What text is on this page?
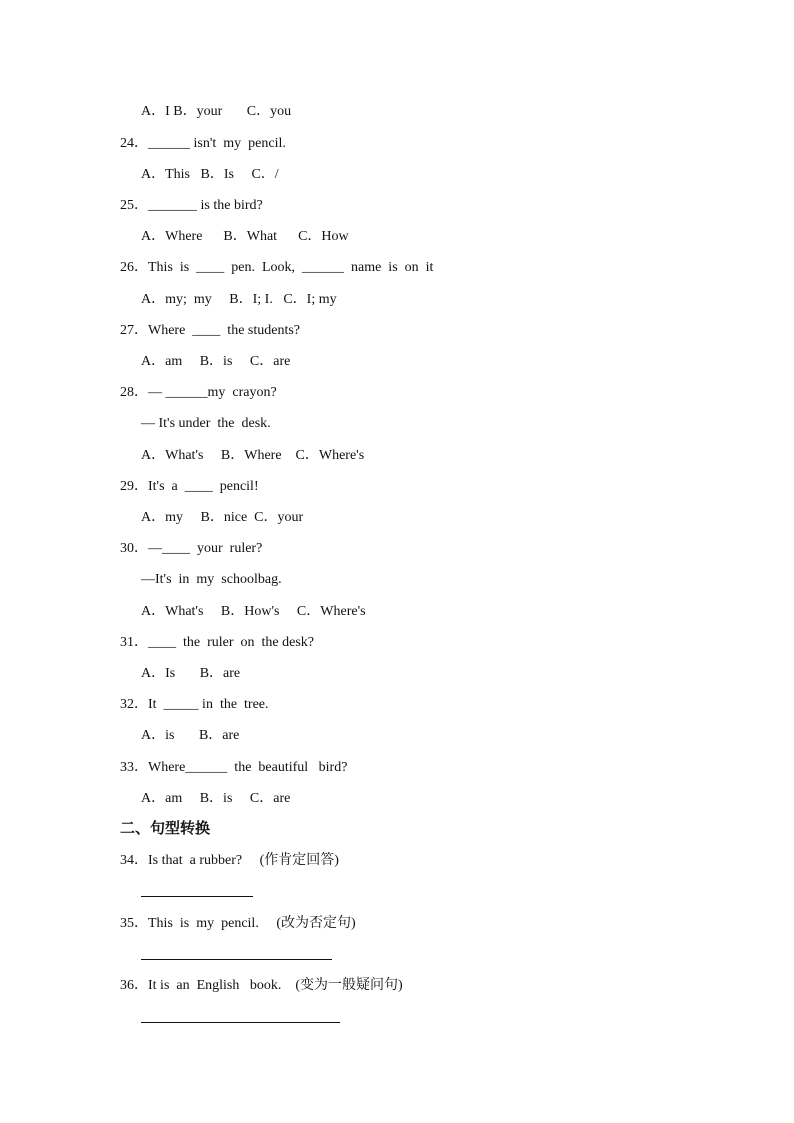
A．I B．your       C．you
24．______ isn't  my  pencil.
A．This   B．Is     C．/
25．_______ is the bird?
A．Where      B．What      C．How
26．This  is  ____  pen.  Look,  ______  name  is  on  it
A．my;  my     B．I; I.   C．I; my
27．Where  ____  the students?
A．am     B．is     C．are
28．— ______my  crayon?
— It's under  the  desk.
A．What's     B．Where    C．Where's
29．It's  a  ____  pencil!
A．my     B．nice  C．your
30．—____  your  ruler?
—It's  in  my  schoolbag.
A．What's     B．How's     C．Where's
31．____  the  ruler  on  the desk?
A．Is       B．are
32．It  _____ in  the  tree.
A．is       B．are
33．Where______  the  beautiful   bird?
A．am     B．is     C．are
二、句型转换
34．Is that  a rubber?     (作肯定回答)
35．This  is  my  pencil.     (改为否定句)
36．It is  an  English   book.    (变为一般疑问句)
